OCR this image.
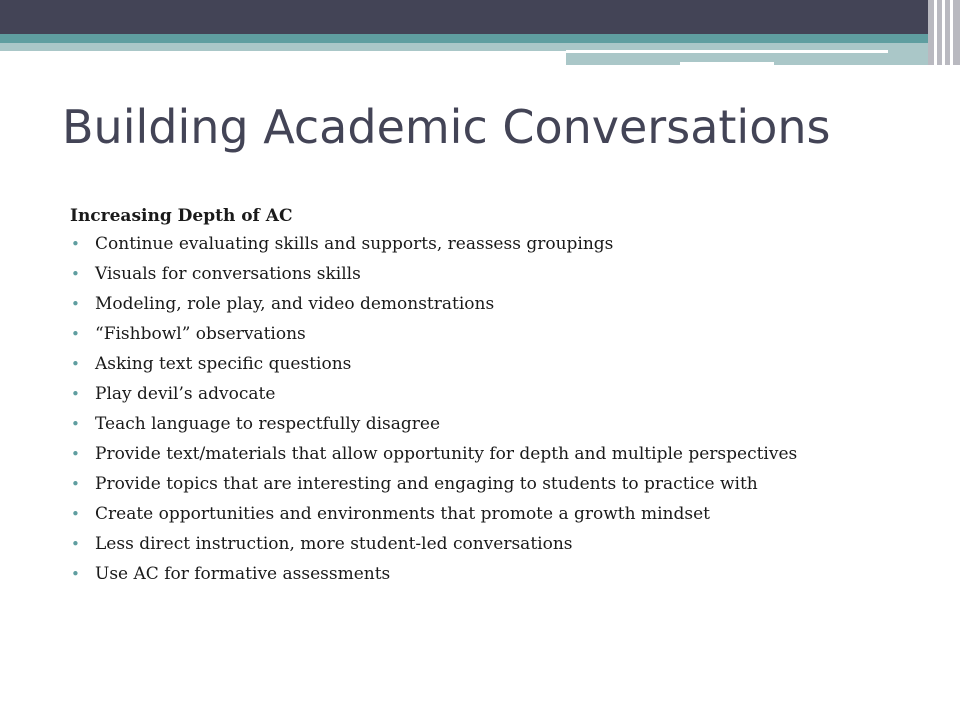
Building Academic Conversations
Increasing Depth of AC
• Continue evaluating skills and supports, reassess groupings
• Visuals for conversations skills
• Modeling, role play, and video demonstrations
• “Fishbowl” observations
• Asking text specific questions
• Play devil’s advocate
• Teach language to respectfully disagree
• Provide text/materials that allow opportunity for depth and multiple perspectives
• Provide topics that are interesting and engaging to students to practice with
• Create opportunities and environments that promote a growth mindset
• Less direct instruction, more student-led conversations
• Use AC for formative assessments
